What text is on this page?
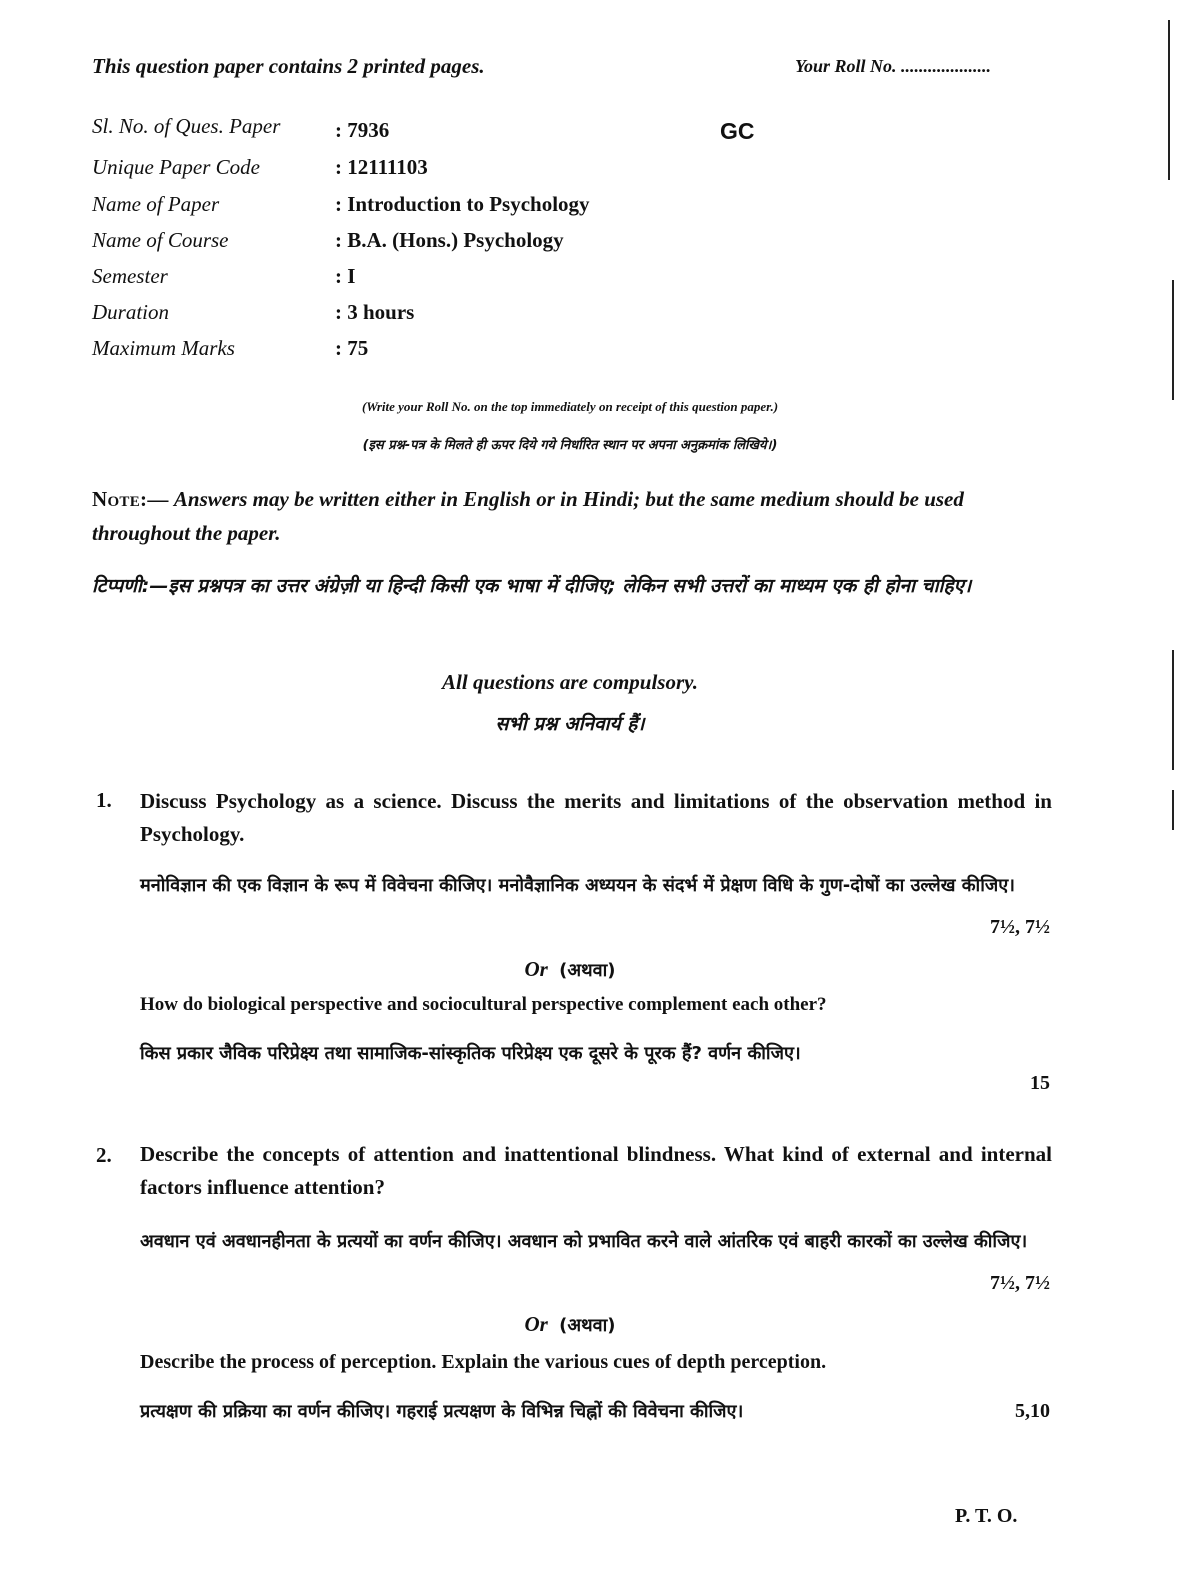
This question paper contains 2 printed pages.	Your Roll No. ....................
Sl. No. of Ques. Paper	: 7936	GC
Unique Paper Code	: 12111103
Name of Paper	: Introduction to Psychology
Name of Course	: B.A. (Hons.) Psychology
Semester	: I
Duration	: 3 hours
Maximum Marks	: 75
(Write your Roll No. on the top immediately on receipt of this question paper.)
(इस प्रश्न-पत्र के मिलते ही ऊपर दिये गये निर्धारित स्थान पर अपना अनुक्रमांक लिखिये।)
Note:— Answers may be written either in English or in Hindi; but the same medium should be used throughout the paper.
टिप्पणी:—इस प्रश्नपत्र का उत्तर अंग्रेज़ी या हिन्दी किसी एक भाषा में दीजिए; लेकिन सभी उत्तरों का माध्यम एक ही होना चाहिए।
All questions are compulsory.
सभी प्रश्न अनिवार्य हैं।
1. Discuss Psychology as a science. Discuss the merits and limitations of the observation method in Psychology.
मनोविज्ञान की एक विज्ञान के रूप में विवेचना कीजिए। मनोवैज्ञानिक अध्ययन के संदर्भ में प्रेक्षण विधि के गुण-दोषों का उल्लेख कीजिए।
7½, 7½
Or (अथवा)
How do biological perspective and sociocultural perspective complement each other?
किस प्रकार जैविक परिप्रेक्ष्य तथा सामाजिक-सांस्कृतिक परिप्रेक्ष्य एक दूसरे के पूरक हैं? वर्णन कीजिए।
15
2. Describe the concepts of attention and inattentional blindness. What kind of external and internal factors influence attention?
अवधान एवं अवधानहीनता के प्रत्ययों का वर्णन कीजिए। अवधान को प्रभावित करने वाले आंतरिक एवं बाहरी कारकों का उल्लेख कीजिए।
7½, 7½
Or (अथवा)
Describe the process of perception. Explain the various cues of depth perception.
प्रत्यक्षण की प्रक्रिया का वर्णन कीजिए। गहराई प्रत्यक्षण के विभिन्न चिह्नों की विवेचना कीजिए।	5,10
P. T. O.
